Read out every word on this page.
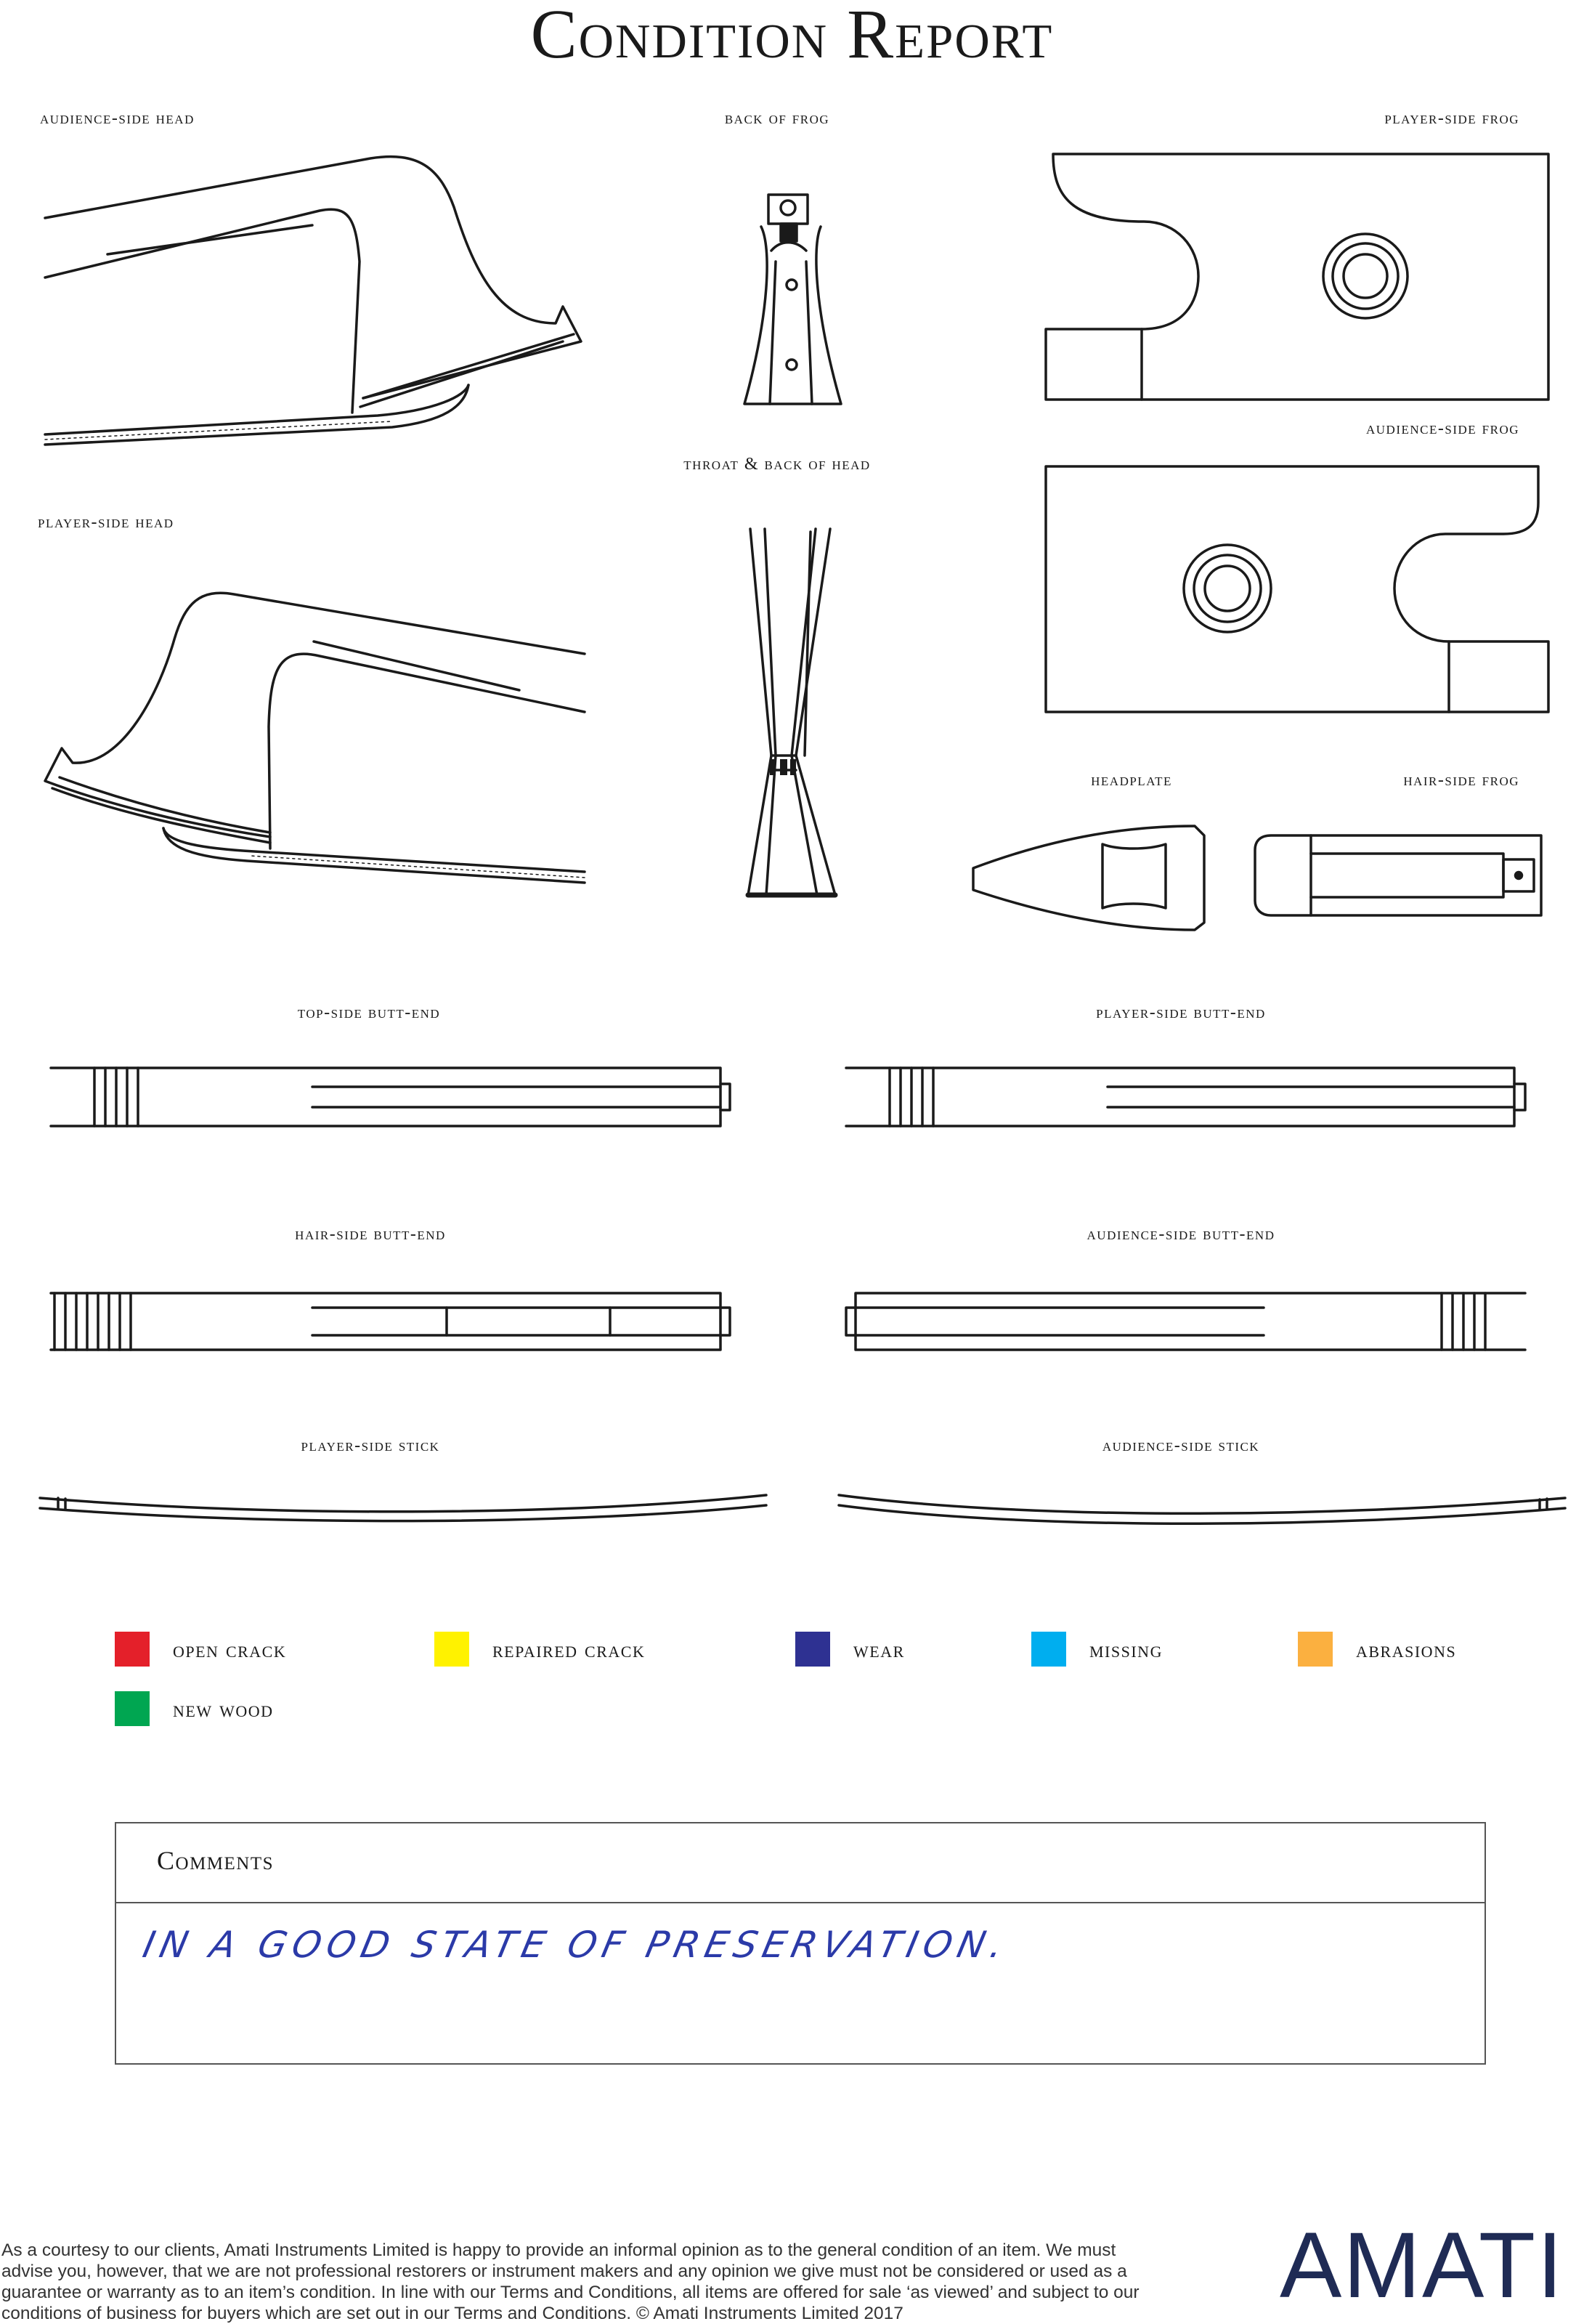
Condition Report
audience-side head	back of frog	player-side frog
audience-side frog
throat & back of head
player-side head
headplate	hair-side frog
top-side butt-end	player-side butt-end
hair-side butt-end	audience-side butt-end
player-side stick	audience-side stick
open crack	repaired crack	wear	missing	abrasions
new wood
Comments
IN A GOOD STATE OF PRESERVATION.
As a courtesy to our clients, Amati Instruments Limited is happy to provide an informal opinion as to the general condition of an item. We must advise you, however, that we are not professional restorers or instrument makers and any opinion we give must not be considered or used as a guarantee or warranty as to an item’s condition. In line with our Terms and Conditions, all items are offered for sale ‘as viewed’ and subject to our conditions of business for buyers which are set out in our Terms and Conditions. © Amati Instruments Limited 2017	AMATI
